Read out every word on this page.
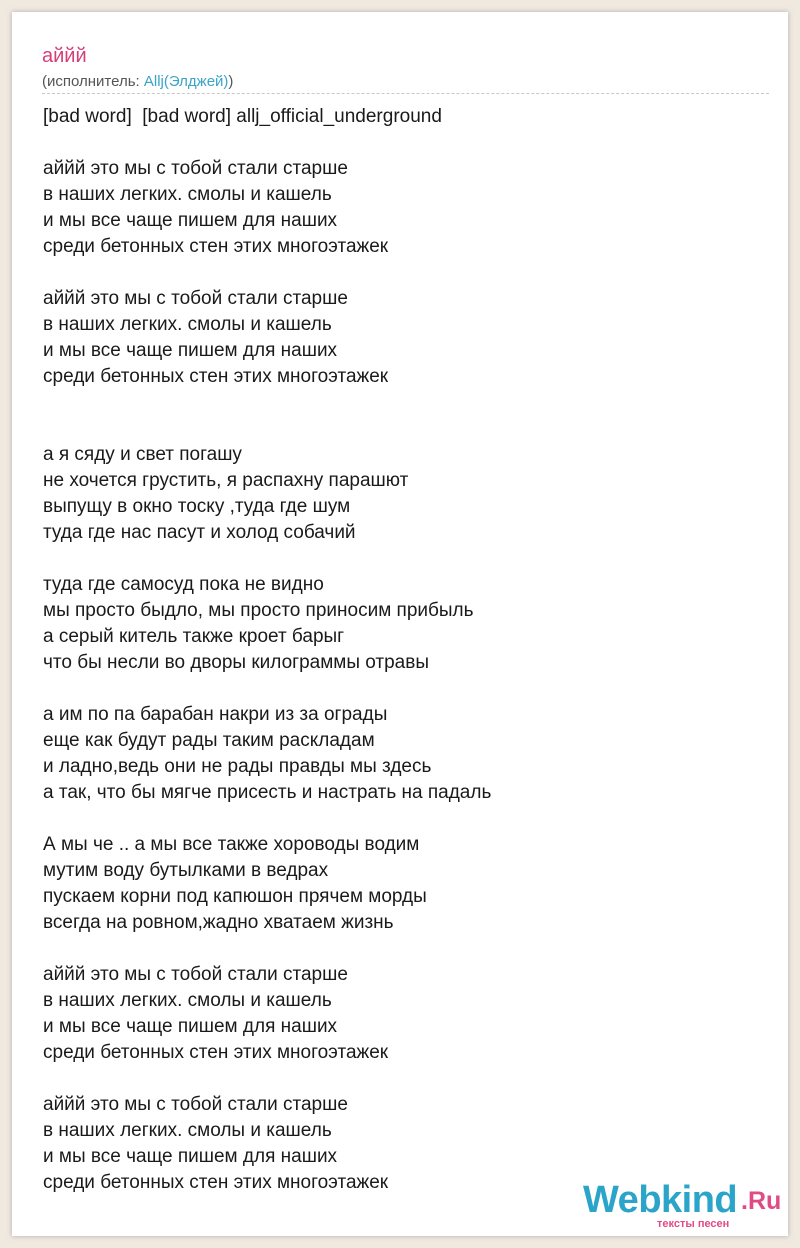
аййй
(исполнитель: Allj(Элджей))
[bad word]  [bad word] allj_official_underground
аййй это мы с тобой стали старше
в наших легких. смолы и кашель
и мы все чаще пишем для наших
среди бетонных стен этих многоэтажек
аййй это мы с тобой стали старше
в наших легких. смолы и кашель
и мы все чаще пишем для наших
среди бетонных стен этих многоэтажек
а я сяду и свет погашу
не хочется грустить, я распахну парашют
выпущу в окно тоску ,туда где шум
туда где нас пасут и холод собачий
туда где самосуд пока не видно
мы просто быдло, мы просто приносим прибыль
а серый китель также кроет барыг
что бы несли во дворы килограммы отравы
а им по па барабан накри из за ограды
еще как будут рады таким раскладам
и ладно,ведь они не рады правды мы здесь
а так, что бы мягче присесть и настрать на падаль
А мы че .. а мы все также хороводы водим
мутим воду бутылками в ведрах
пускаем корни под капюшон прячем морды
всегда на ровном,жадно хватаем жизнь
аййй это мы с тобой стали старше
в наших легких. смолы и кашель
и мы все чаще пишем для наших
среди бетонных стен этих многоэтажек
аййй это мы с тобой стали старше
в наших легких. смолы и кашель
и мы все чаще пишем для наших
среди бетонных стен этих многоэтажек	Webkind .Ru
тексты песен
